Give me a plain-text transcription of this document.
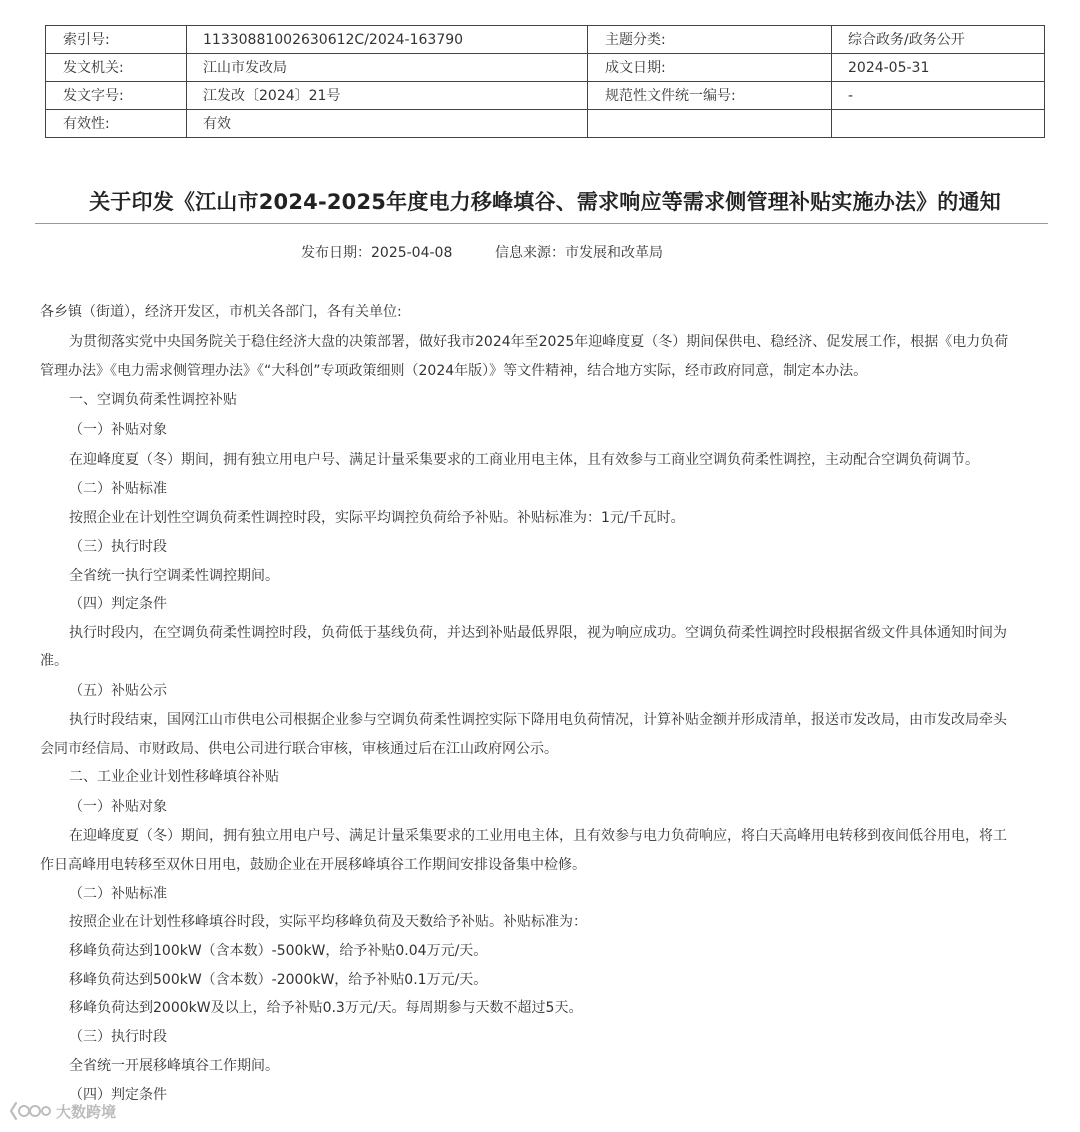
索引号:	11330881002630612C/2024-163790	主题分类:	综合政务/政务公开
发文机关:	江山市发改局	成文日期:	2024-05-31
发文字号:	江发改〔2024〕21号	规范性文件统一编号:	-
有效性:	有效		
关于印发《江山市2024-2025年度电力移峰填谷、需求响应等需求侧管理补贴实施办法》的通知
发布日期：2025-04-08	信息来源：市发展和改革局
各乡镇（街道），经济开发区，市机关各部门，各有关单位:
为贯彻落实党中央国务院关于稳住经济大盘的决策部署，做好我市2024年至2025年迎峰度夏（冬）期间保供电、稳经济、促发展工作，根据《电力负荷
管理办法》《电力需求侧管理办法》《“大科创”专项政策细则（2024年版）》等文件精神，结合地方实际，经市政府同意，制定本办法。
一、空调负荷柔性调控补贴
（一）补贴对象
在迎峰度夏（冬）期间，拥有独立用电户号、满足计量采集要求的工商业用电主体，且有效参与工商业空调负荷柔性调控，主动配合空调负荷调节。
（二）补贴标准
按照企业在计划性空调负荷柔性调控时段，实际平均调控负荷给予补贴。补贴标准为：1元/千瓦时。
（三）执行时段
全省统一执行空调柔性调控期间。
（四）判定条件
执行时段内，在空调负荷柔性调控时段，负荷低于基线负荷，并达到补贴最低界限，视为响应成功。空调负荷柔性调控时段根据省级文件具体通知时间为
准。
（五）补贴公示
执行时段结束，国网江山市供电公司根据企业参与空调负荷柔性调控实际下降用电负荷情况，计算补贴金额并形成清单，报送市发改局，由市发改局牵头
会同市经信局、市财政局、供电公司进行联合审核，审核通过后在江山政府网公示。
二、工业企业计划性移峰填谷补贴
（一）补贴对象
在迎峰度夏（冬）期间，拥有独立用电户号、满足计量采集要求的工业用电主体，且有效参与电力负荷响应，将白天高峰用电转移到夜间低谷用电，将工
作日高峰用电转移至双休日用电，鼓励企业在开展移峰填谷工作期间安排设备集中检修。
（二）补贴标准
按照企业在计划性移峰填谷时段，实际平均移峰负荷及天数给予补贴。补贴标准为：
移峰负荷达到100kW（含本数）-500kW，给予补贴0.04万元/天。
移峰负荷达到500kW（含本数）-2000kW，给予补贴0.1万元/天。
移峰负荷达到2000kW及以上，给予补贴0.3万元/天。每周期参与天数不超过5天。
（三）执行时段
全省统一开展移峰填谷工作期间。
（四）判定条件
大数跨境
